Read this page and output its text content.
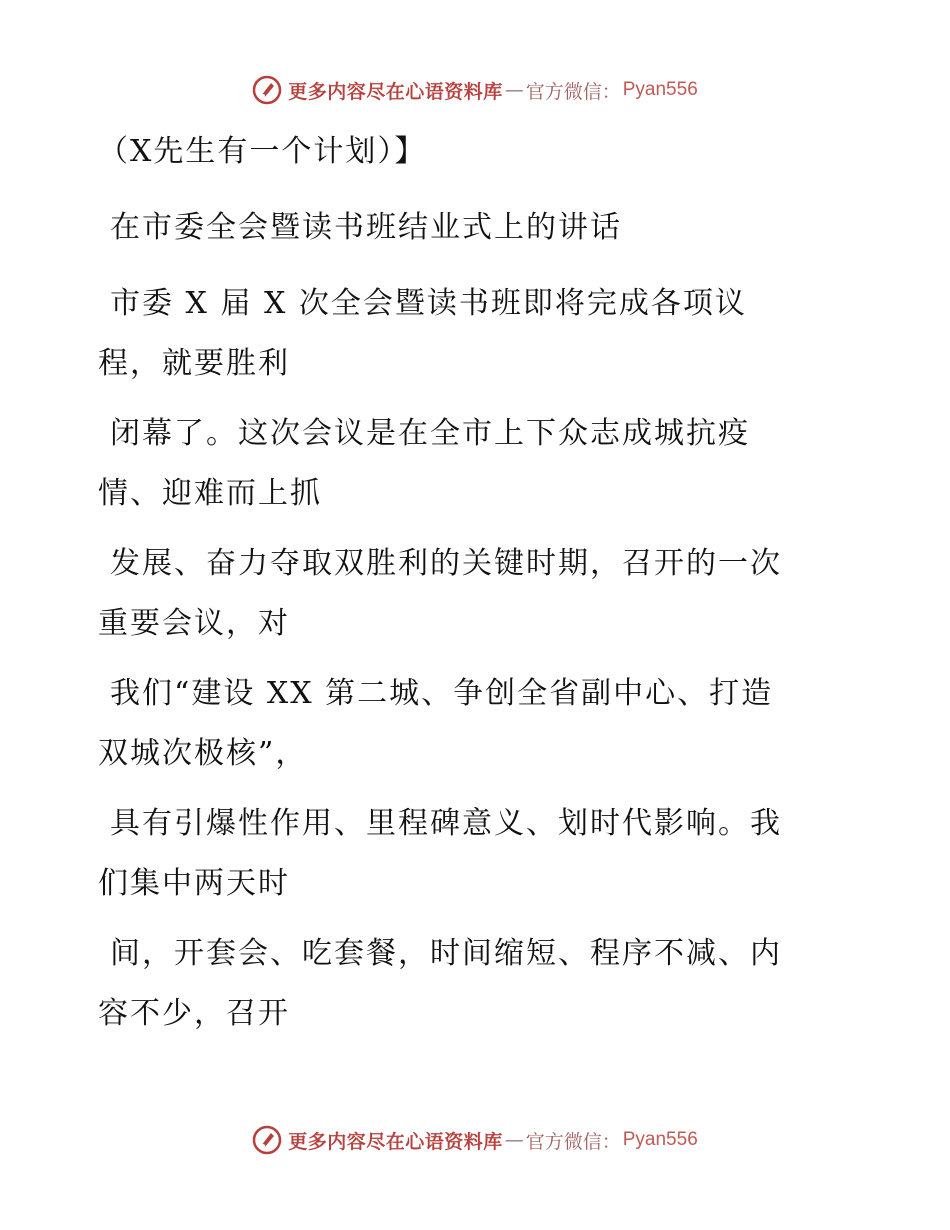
更多内容尽在心语资料库 — 官方微信： Pyan556
（X先生有一个计划）】
在市委全会暨读书班结业式上的讲话
市委 X 届 X 次全会暨读书班即将完成各项议
程，就要胜利
闭幕了。这次会议是在全市上下众志成城抗疫
情、迎难而上抓
发展、奋力夺取双胜利的关键时期，召开的一次
重要会议，对
我们“建设 XX 第二城、争创全省副中心、打造
双城次极核”，
具有引爆性作用、里程碑意义、划时代影响。我
们集中两天时
间，开套会、吃套餐，时间缩短、程序不减、内
容不少，召开
更多内容尽在心语资料库 — 官方微信： Pyan556
